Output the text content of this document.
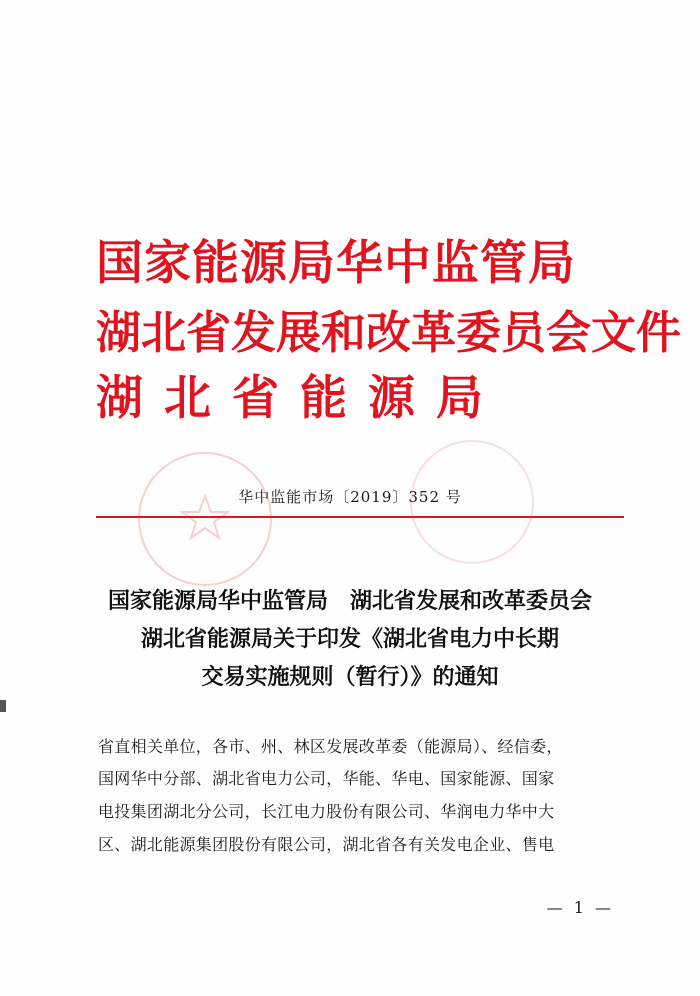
国家能源局华中监管局
湖北省发展和改革委员会文件
湖北省能源局
华中监能市场〔2019〕352 号
国家能源局华中监管局　湖北省发展和改革委员会
湖北省能源局关于印发《湖北省电力中长期
交易实施规则（暂行）》的通知
省直相关单位，各市、州、林区发展改革委（能源局）、经信委，
国网华中分部、湖北省电力公司，华能、华电、国家能源、国家
电投集团湖北分公司，长江电力股份有限公司、华润电力华中大
区、湖北能源集团股份有限公司，湖北省各有关发电企业、售电
— 1 —
